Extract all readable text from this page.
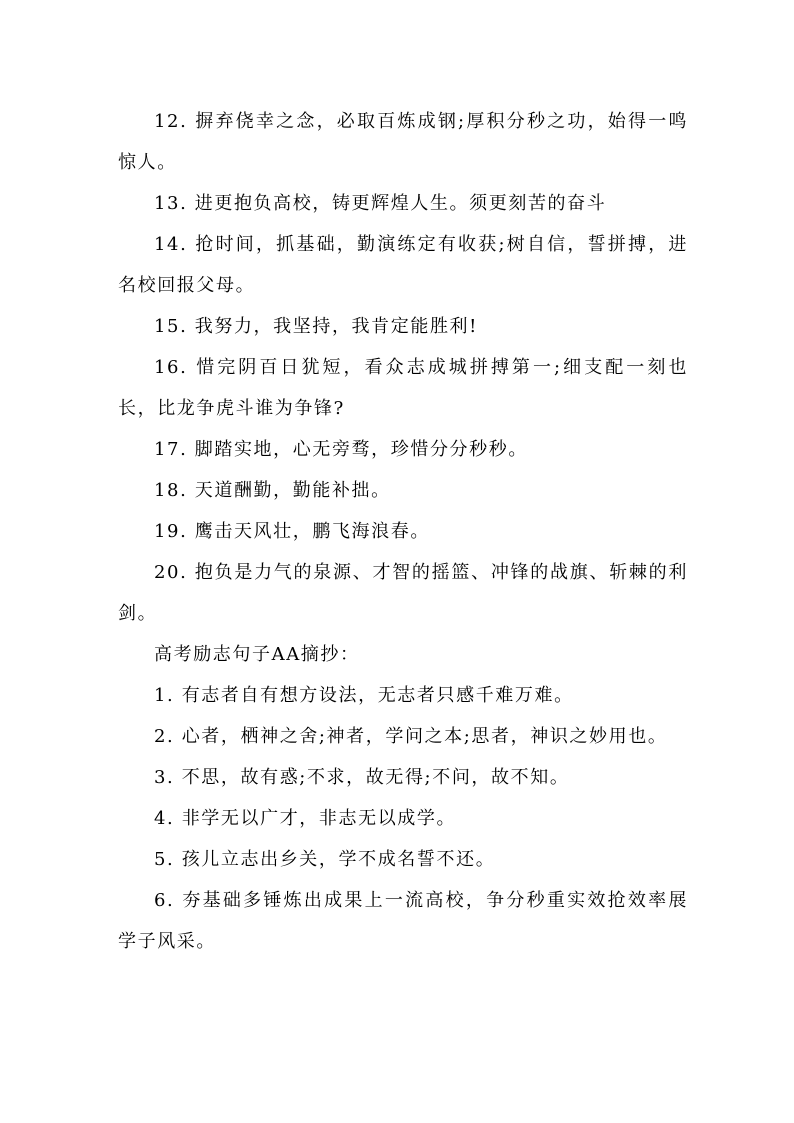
12. 摒弃侥幸之念，必取百炼成钢;厚积分秒之功，始得一鸣惊人。

13. 进更抱负高校，铸更辉煌人生。须更刻苦的奋斗

14. 抢时间，抓基础，勤演练定有收获;树自信，誓拼搏，进名校回报父母。

15. 我努力，我坚持，我肯定能胜利!

16. 惜完阴百日犹短，看众志成城拼搏第一;细支配一刻也长，比龙争虎斗谁为争锋?

17. 脚踏实地，心无旁骛，珍惜分分秒秒。

18. 天道酬勤，勤能补拙。

19. 鹰击天风壮，鹏飞海浪春。

20. 抱负是力气的泉源、才智的摇篮、冲锋的战旗、斩棘的利剑。

高考励志句子AA摘抄：

1. 有志者自有想方设法，无志者只感千难万难。

2. 心者，栖神之舍;神者，学问之本;思者，神识之妙用也。

3. 不思，故有惑;不求，故无得;不问，故不知。

4. 非学无以广才，非志无以成学。

5. 孩儿立志出乡关，学不成名誓不还。

6. 夯基础多锤炼出成果上一流高校，争分秒重实效抢效率展学子风采。
